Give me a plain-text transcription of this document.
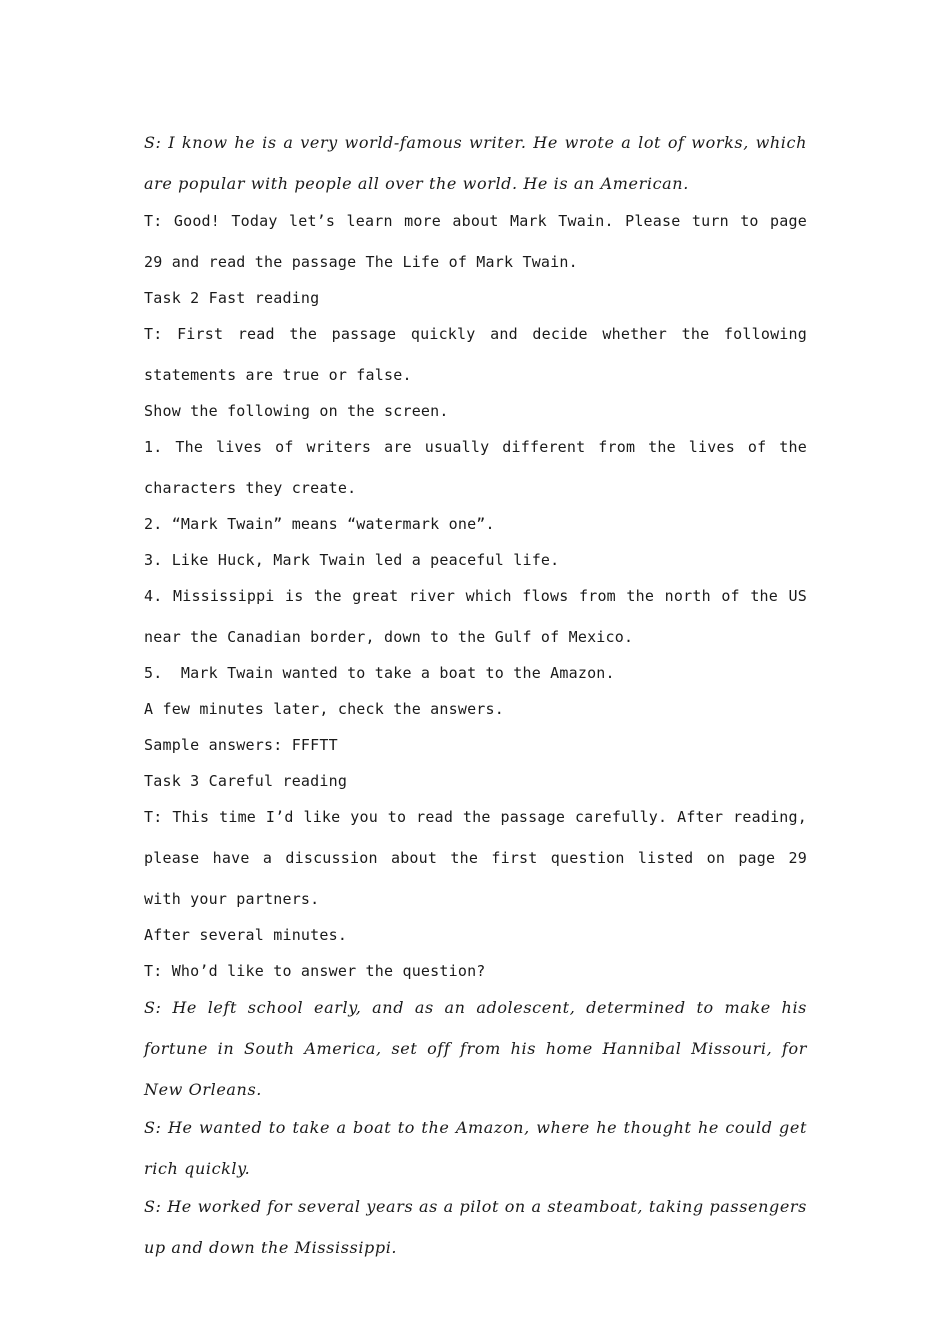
S: I know he is a very world-famous writer. He wrote a lot of works, which are popular with people all over the world. He is an American.

T: Good! Today let’s learn more about Mark Twain. Please turn to page 29 and read the passage The Life of Mark Twain.

Task 2 Fast reading

T: First read the passage quickly and decide whether the following statements are true or false.

Show the following on the screen.

1. The lives of writers are usually different from the lives of the characters they create.

2. “Mark Twain” means “watermark one”.

3. Like Huck, Mark Twain led a peaceful life.

4. Mississippi is the great river which flows from the north of the US near the Canadian border, down to the Gulf of Mexico.

5.  Mark Twain wanted to take a boat to the Amazon.

A few minutes later, check the answers.

Sample answers: FFFTT

Task 3 Careful reading

T: This time I’d like you to read the passage carefully. After reading, please have a discussion about the first question listed on page 29 with your partners.

After several minutes.

T: Who’d like to answer the question?

S: He left school early, and as an adolescent, determined to make his fortune in South America, set off from his home Hannibal Missouri, for New Orleans.

S: He wanted to take a boat to the Amazon, where he thought he could get rich quickly.

S: He worked for several years as a pilot on a steamboat, taking passengers up and down the Mississippi.
